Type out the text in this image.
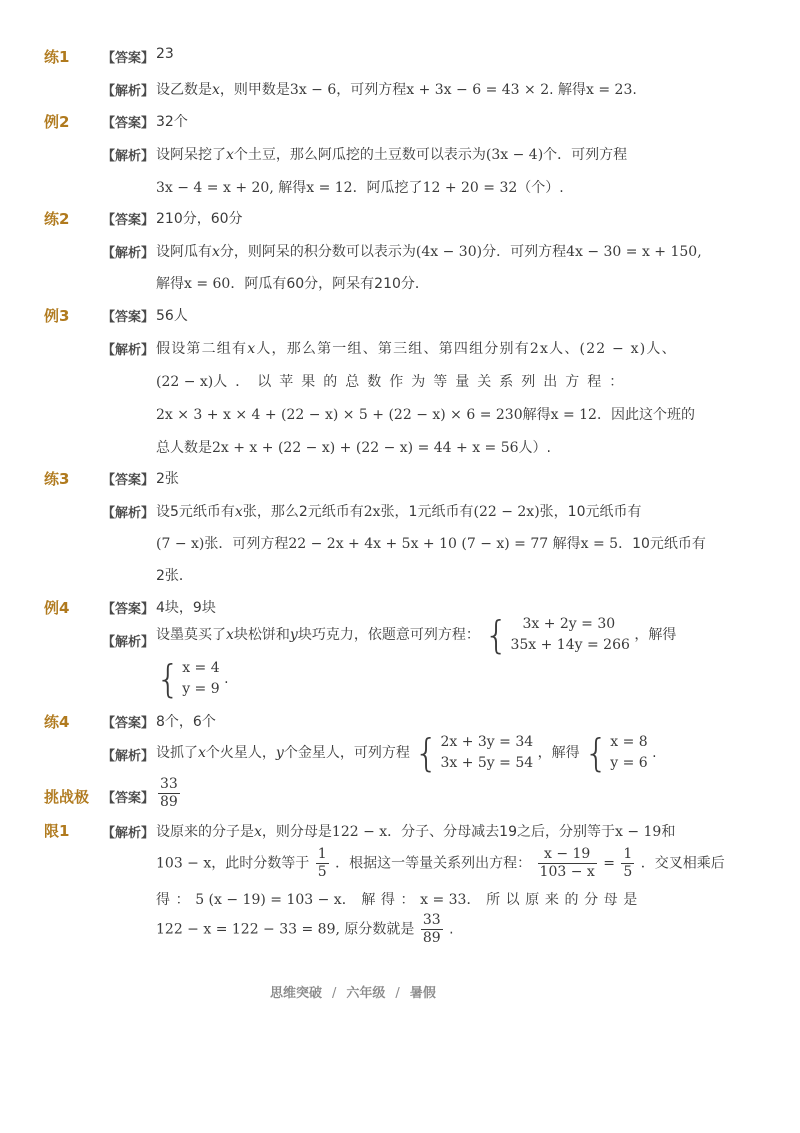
练1	【答案】 23
【解析】 设乙数是x，则甲数是3x − 6，可列方程x + 3x − 6 = 43 × 2. 解得x = 23.
例2	【答案】 32个
【解析】 设阿呆挖了x个土豆，那么阿瓜挖的土豆数可以表示为(3x − 4)个．可列方程
3x − 4 = x + 20, 解得x = 12．阿瓜挖了12 + 20 = 32（个）.
练2	【答案】 210分，60分
【解析】 设阿瓜有x分，则阿呆的积分数可以表示为(4x − 30)分．可列方程4x − 30 = x + 150,
解得x = 60．阿瓜有60分，阿呆有210分．
例3	【答案】 56人
【解析】 假设第二组有x人，那么第一组、第三组、第四组分别有2x人、(22 − x)人、
(22 − x)人．以苹果的总数作为等量关系列出方程：
2x × 3 + x × 4 + (22 − x) × 5 + (22 − x) × 6 = 230解得x = 12．因此这个班的
总人数是2x + x + (22 − x) + (22 − x) = 44 + x = 56人）.
练3	【答案】 2张
【解析】 设5元纸币有x张，那么2元纸币有2x张，1元纸币有(22 − 2x)张，10元纸币有
(7 − x)张．可列方程22 − 2x + 4x + 5x + 10 (7 − x) = 77 解得x = 5．10元纸币有
2张．
例4	【答案】 4块，9块
【解析】 设墨莫买了x块松饼和y块巧克力，依题意可列方程： {	3x + 2y = 30
35x + 14y = 266
，解得
{ x = 4
y = 9
.
练4	【答案】 8个，6个
【解析】 设抓了x个火星人，y个金星人，可列方程 { 2x + 3y = 34
3x + 5y = 54
，解得 { x = 8
y = 6
.
挑战极 【答案】 $\frac{33}{89}$
限1	【解析】 设原来的分子是x，则分母是122 − x．分子、分母减去19之后，分别等于x − 19和
103 − x，此时分数等于 $\frac{1}{5}$ ．根据这一等量关系列出方程： $\frac{x - 19}{103 - x} = \frac{1}{5}$ ．交叉相乘后
得：5 (x − 19) = 103 − x．解得：x = 33．所以原来的分母是
122 − x = 122 − 33 = 89, 原分数就是 $\frac{33}{89}$ .
思维突破 / 六年级 / 暑假
